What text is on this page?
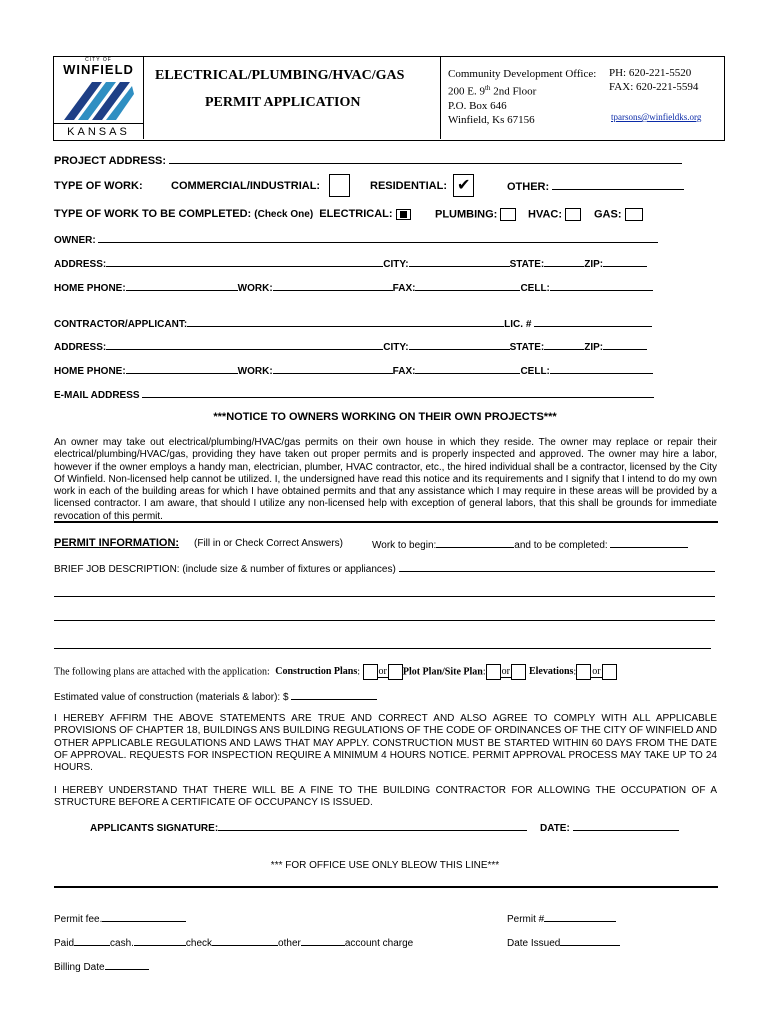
CITY OF
WINFIELD
KANSAS
ELECTRICAL/PLUMBING/HVAC/GAS
PERMIT APPLICATION
Community Development Office:
200 E. 9th 2nd Floor
P.O. Box 646
Winfield, Ks 67156
PH: 620-221-5520
FAX: 620-221-5594
tparsons@winfieldks.org
PROJECT ADDRESS:
TYPE OF WORK:	COMMERCIAL/INDUSTRIAL:	RESIDENTIAL: ✔	OTHER:
TYPE OF WORK TO BE COMPLETED: (Check One) ELECTRICAL:	PLUMBING:	HVAC:	GAS:
OWNER:
ADDRESS:	CITY:	STATE:	ZIP:
HOME PHONE:	WORK:	FAX:	CELL:
CONTRACTOR/APPLICANT:	LIC. #
ADDRESS:	CITY:	STATE:	ZIP:
HOME PHONE:	WORK:	FAX:	CELL:
E-MAIL ADDRESS
***NOTICE TO OWNERS WORKING ON THEIR OWN PROJECTS***
An owner may take out electrical/plumbing/HVAC/gas permits on their own house in which they reside. The owner may replace or repair their electrical/plumbing/HVAC/gas, providing they have taken out proper permits and is properly inspected and approved. The owner may hire a labor, however if the owner employs a handy man, electrician, plumber, HVAC contractor, etc., the hired individual shall be a contractor, licensed by the City Of Winfield. Non-licensed help cannot be utilized. I, the undersigned have read this notice and its requirements and I signify that I intend to do my own work in each of the building areas for which I have obtained permits and that any assistance which I may require in these areas will be provided by a licensed contractor. I am aware, that should I utilize any non-licensed help with exception of general labors, that this shall be grounds for immediate revocation of this permit.
PERMIT INFORMATION: (Fill in or Check Correct Answers)	Work to begin:	and to be completed:
BRIEF JOB DESCRIPTION: (include size & number of fixtures or appliances)
The following plans are attached with the application: Construction Plans: or Plot Plan/Site Plan: or Elevations: or
Estimated value of construction (materials & labor): $
I HEREBY AFFIRM THE ABOVE STATEMENTS ARE TRUE AND CORRECT AND ALSO AGREE TO COMPLY WITH ALL APPLICABLE PROVISIONS OF CHAPTER 18, BUILDINGS ANS BUILDING REGULATIONS OF THE CODE OF ORDINANCES OF THE CITY OF WINFIELD AND OTHER APPLICABLE REGULATIONS AND LAWS THAT MAY APPLY. CONSTRUCTION MUST BE STARTED WITHIN 60 DAYS FROM THE DATE OF APPROVAL. REQUESTS FOR INSPECTION REQUIRE A MINIMUM 4 HOURS NOTICE. PERMIT APPROVAL PROCESS MAY TAKE UP TO 24 HOURS.
I HEREBY UNDERSTAND THAT THERE WILL BE A FINE TO THE BUILDING CONTRACTOR FOR ALLOWING THE OCCUPATION OF A STRUCTURE BEFORE A CERTIFICATE OF OCCUPANCY IS ISSUED.
APPLICANTS SIGNATURE:	DATE:
*** FOR OFFICE USE ONLY BLEOW THIS LINE***
Permit fee.	Permit #
Paid	cash.	check	other	account charge	Date Issued
Billing Date
